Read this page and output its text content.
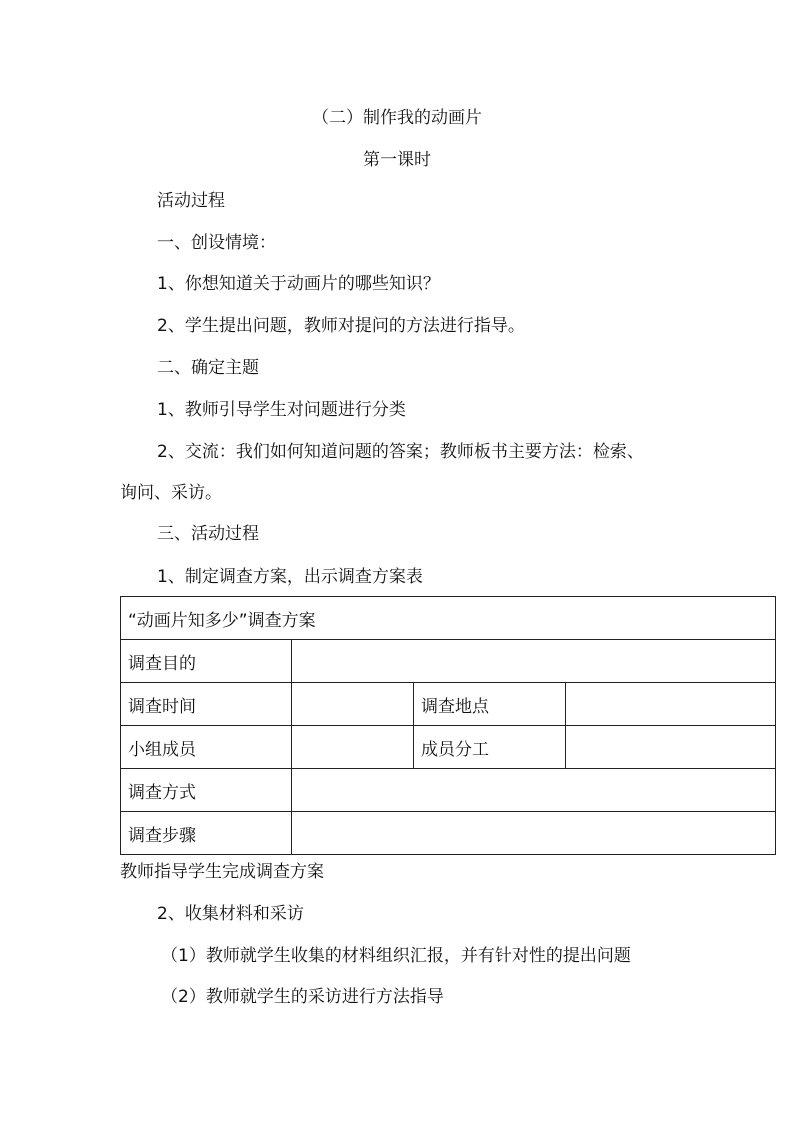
（二）制作我的动画片
第一课时
活动过程
一、创设情境：
1、你想知道关于动画片的哪些知识？
2、学生提出问题，教师对提问的方法进行指导。
二、确定主题
1、教师引导学生对问题进行分类
2、交流：我们如何知道问题的答案；教师板书主要方法：检索、
询问、采访。
三、活动过程
1、制定调查方案，出示调查方案表
“动画片知多少”调查方案			
调查目的			
调查时间		调查地点	
小组成员		成员分工	
调查方式			
调查步骤			
教师指导学生完成调查方案
2、收集材料和采访
（1）教师就学生收集的材料组织汇报，并有针对性的提出问题
（2）教师就学生的采访进行方法指导
